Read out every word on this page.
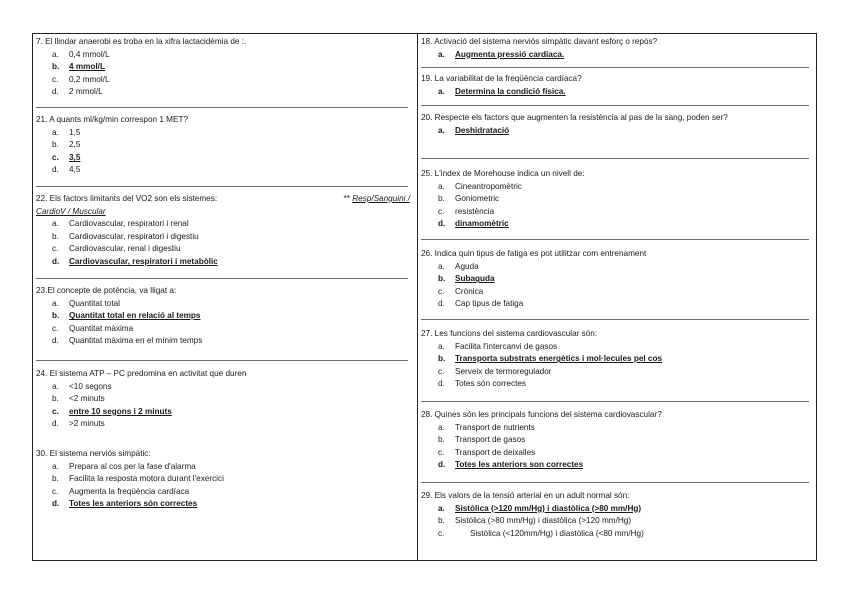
7. El llindar anaerobi es troba en la xifra lactacidèmia de :.
a. 0,4 mmol/L
b. 4 mmol/L
c. 0,2 mmol/L
d. 2 mmol/L
21. A quants ml/kg/min correspon 1 MET?
a. 1,5
b. 2,5
c. 3,5
d. 4,5
22. Els factors limitants del VO2 son els sistemes:	** Resp/Sanguini /
CardioV / Muscular
a. Cardiovascular, respiratori i renal
b. Cardiovascular, respiratori i digestiu
c. Cardiovascular, renal i digestiu
d. Cardiovascular, respiratori i metabòlic
23.El concepte de potència, va lligat a:
a. Quantitat total
b. Quantitat total en relació al temps
c. Quantitat màxima
d. Quantitat màxima en el mínim temps
24. El sistema ATP – PC predomina en activitat que duren
a. <10 segons
b. <2 minuts
c. entre 10 segons i 2 minuts
d. >2 minuts
30. El sistema nerviós simpàtic:
a. Prepara al cos per la fase d'alarma
b. Facilita la resposta motora durant l'exercici
c. Augmenta la freqüència cardíaca
d. Totes les anteriors són correctes
18. Activació del sistema nerviós simpàtic davant esforç o repòs?
a. Augmenta pressió cardíaca.
19. La variabilitat de la freqüència cardíaca?
a. Determina la condició física.
20. Respecte els factors que augmenten la resistència al pas de la sang, poden ser?
a. Deshidratació
25. L'index de Morehouse indica un nivell de:
a. Cineantropomètric
b. Goniometric
c. resistència
d. dinamomètric
26. Indica quin tipus de fatiga es pot utilitzar com entrenament
a. Aguda
b. Subaguda
c. Crònica
d. Cap tipus de fatiga
27. Les funcions del sistema cardiovascular són:
a. Facilita l'intercanvi de gasos
b. Transporta substrats energètics i mol·lecules pel cos
c. Serveix de termoregulador
d. Totes són correctes
28. Quines són les principals funcions del sistema cardiovascular?
a. Transport de nutrients
b. Transport de gasos
c. Transport de deixalles
d. Totes les anteriors son correctes
29. Els valors de la tensió arterial en un adult normal són:
a. Sistòlica (>120 mm/Hg) i diastòlica (>80 mm/Hg)
b. Sistòlica (>80 mm/Hg) i diastòlica (>120 mm/Hg)
c.	Sistòlica (<120mm/Hg) i diastòlica (<80 mm/Hg)
